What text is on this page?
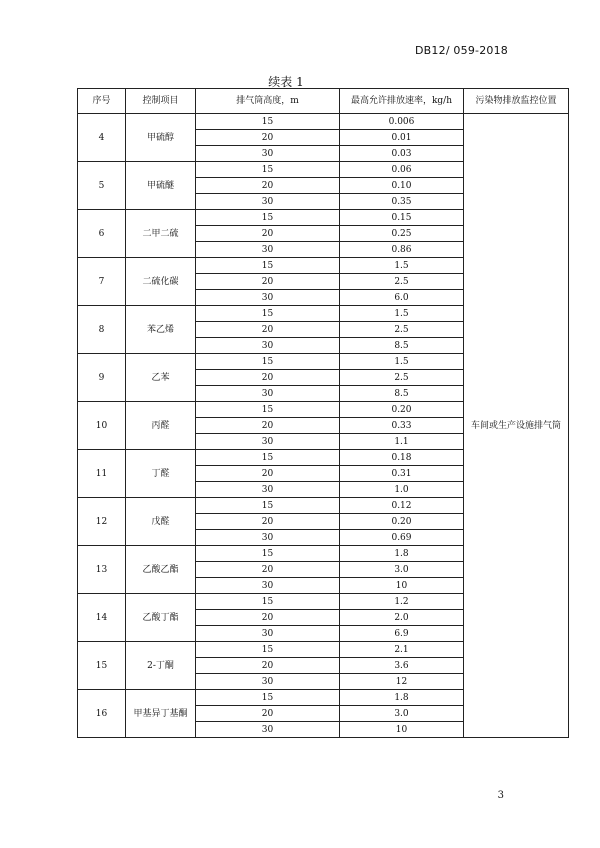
DB12/ 059-2018
续表 1
序号	控制项目	排气筒高度，m	最高允许排放速率，kg/h	污染物排放监控位置
4	甲硫醇	15	0.006	车间或生产设施排气筒
		20	0.01	
		30	0.03	
5	甲硫醚	15	0.06	
		20	0.10	
		30	0.35	
6	二甲二硫	15	0.15	
		20	0.25	
		30	0.86	
7	二硫化碳	15	1.5	
		20	2.5	
		30	6.0	
8	苯乙烯	15	1.5	
		20	2.5	
		30	8.5	
9	乙苯	15	1.5	
		20	2.5	
		30	8.5	
10	丙醛	15	0.20	
		20	0.33	
		30	1.1	
11	丁醛	15	0.18	
		20	0.31	
		30	1.0	
12	戊醛	15	0.12	
		20	0.20	
		30	0.69	
13	乙酸乙酯	15	1.8	
		20	3.0	
		30	10	
14	乙酸丁酯	15	1.2	
		20	2.0	
		30	6.9	
15	2-丁酮	15	2.1	
		20	3.6	
		30	12	
16	甲基异丁基酮	15	1.8	
		20	3.0	
		30	10	
3
